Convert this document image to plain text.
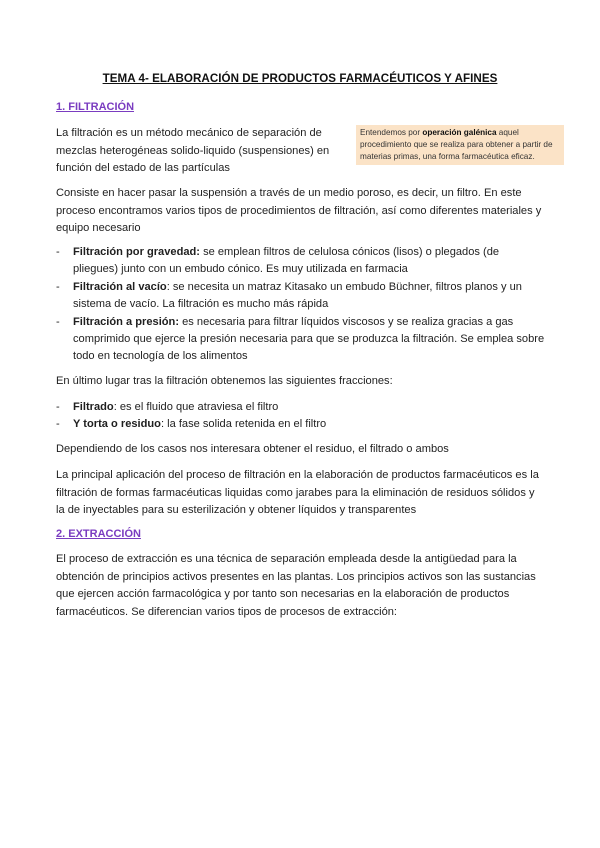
TEMA 4- ELABORACIÓN DE PRODUCTOS FARMACÉUTICOS Y AFINES
1. FILTRACIÓN

La filtración es un método mecánico de separación de mezclas heterogéneas solido-liquido (suspensiones) en función del estado de las partículas

Entendemos por operación galénica aquel procedimiento que se realiza para obtener a partir de materias primas, una forma farmacéutica eficaz.

Consiste en hacer pasar la suspensión a través de un medio poroso, es decir, un filtro. En este proceso encontramos varios tipos de procedimientos de filtración, así como diferentes materiales y equipo necesario

- Filtración por gravedad: se emplean filtros de celulosa cónicos (lisos) o plegados (de pliegues) junto con un embudo cónico. Es muy utilizada en farmacia
- Filtración al vacío: se necesita un matraz Kitasako un embudo Büchner, filtros planos y un sistema de vacío. La filtración es mucho más rápida
- Filtración a presión: es necesaria para filtrar líquidos viscosos y se realiza gracias a gas comprimido que ejerce la presión necesaria para que se produzca la filtración. Se emplea sobre todo en tecnología de los alimentos

En último lugar tras la filtración obtenemos las siguientes fracciones:

- Filtrado: es el fluido que atraviesa el filtro
- Y torta o residuo: la fase solida retenida en el filtro

Dependiendo de los casos nos interesara obtener el residuo, el filtrado o ambos

La principal aplicación del proceso de filtración en la elaboración de productos farmacéuticos es la filtración de formas farmacéuticas liquidas como jarabes para la eliminación de residuos sólidos y la de inyectables para su esterilización y obtener líquidos y transparentes

2. EXTRACCIÓN

El proceso de extracción es una técnica de separación empleada desde la antigüedad para la obtención de principios activos presentes en las plantas. Los principios activos son las sustancias que ejercen acción farmacológica y por tanto son necesarias en la elaboración de productos farmacéuticos. Se diferencian varios tipos de procesos de extracción:
